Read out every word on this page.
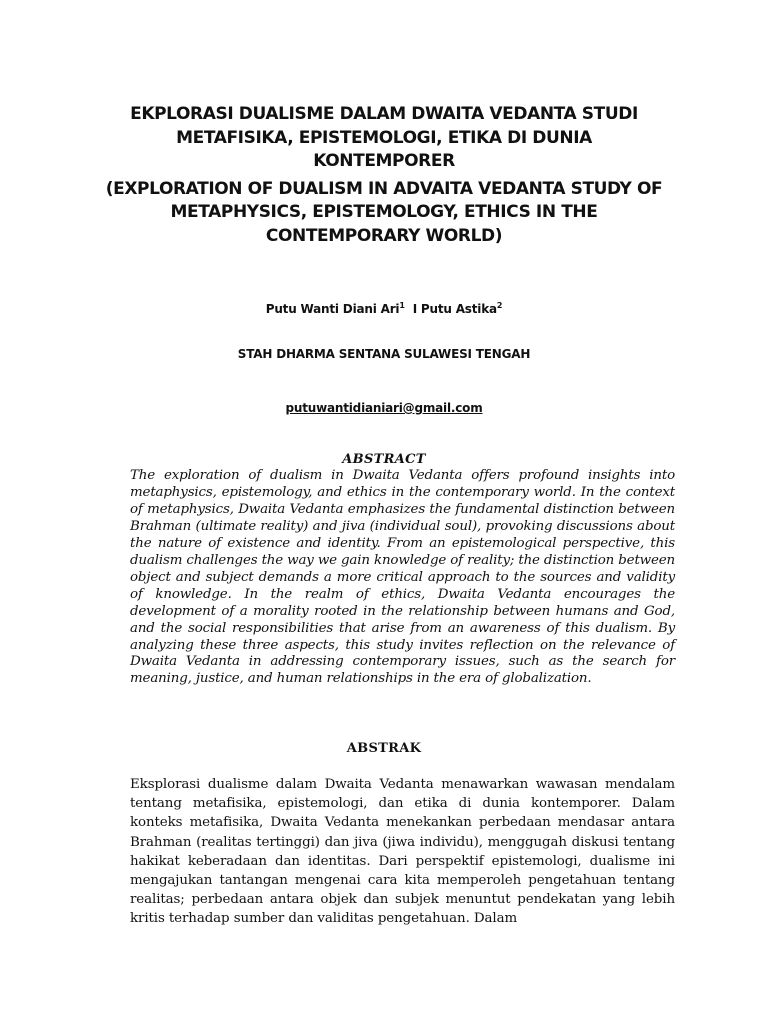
EKPLORASI DUALISME DALAM DWAITA VEDANTA STUDI
METAFISIKA, EPISTEMOLOGI, ETIKA DI DUNIA
KONTEMPORER
(EXPLORATION OF DUALISM IN ADVAITA VEDANTA STUDY OF
METAPHYSICS, EPISTEMOLOGY, ETHICS IN THE
CONTEMPORARY WORLD)
Putu Wanti Diani Ari$^1$ I Putu Astika$^2$
STAH DHARMA SENTANA SULAWESI TENGAH
putuwantidianiari@gmail.com
ABSTRACT
The exploration of dualism in Dwaita Vedanta offers profound insights into metaphysics, epistemology, and ethics in the contemporary world. In the context of metaphysics, Dwaita Vedanta emphasizes the fundamental distinction between Brahman (ultimate reality) and jiva (individual soul), provoking discussions about the nature of existence and identity. From an epistemological perspective, this dualism challenges the way we gain knowledge of reality; the distinction between object and subject demands a more critical approach to the sources and validity of knowledge. In the realm of ethics, Dwaita Vedanta encourages the development of a morality rooted in the relationship between humans and God, and the social responsibilities that arise from an awareness of this dualism. By analyzing these three aspects, this study invites reflection on the relevance of Dwaita Vedanta in addressing contemporary issues, such as the search for meaning, justice, and human relationships in the era of globalization.
ABSTRAK
Eksplorasi dualisme dalam Dwaita Vedanta menawarkan wawasan mendalam tentang metafisika, epistemologi, dan etika di dunia kontemporer. Dalam konteks metafisika, Dwaita Vedanta menekankan perbedaan mendasar antara Brahman (realitas tertinggi) dan jiva (jiwa individu), menggugah diskusi tentang hakikat keberadaan dan identitas. Dari perspektif epistemologi, dualisme ini mengajukan tantangan mengenai cara kita memperoleh pengetahuan tentang realitas; perbedaan antara objek dan subjek menuntut pendekatan yang lebih kritis terhadap sumber dan validitas pengetahuan. Dalam
